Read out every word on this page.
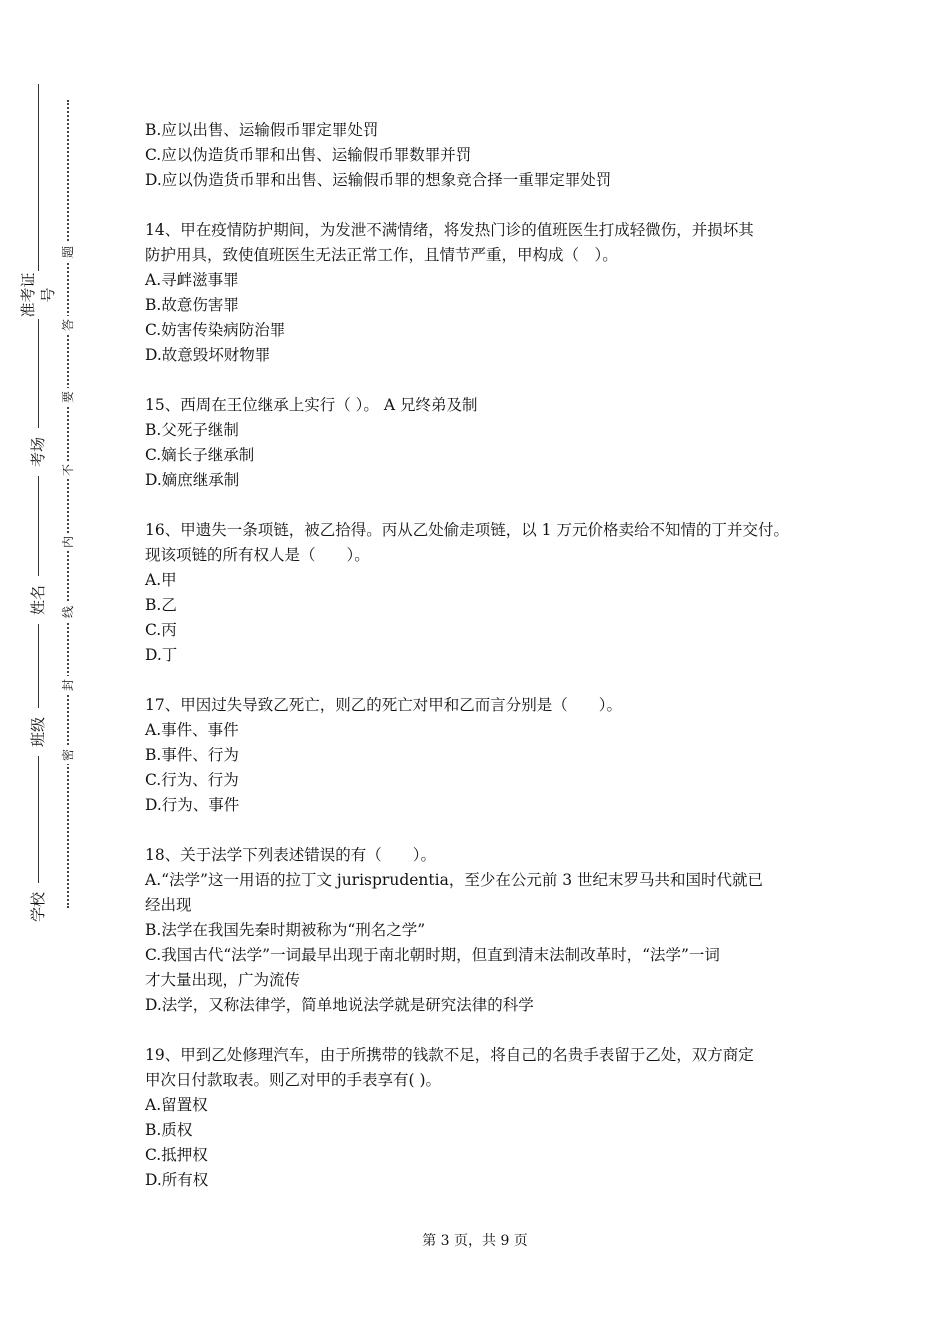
准考证号
考场
姓名
班级
学校
题
答
要
不
内
线
封
密
B.应以出售、运输假币罪定罪处罚
C.应以伪造货币罪和出售、运输假币罪数罪并罚
D.应以伪造货币罪和出售、运输假币罪的想象竞合择一重罪定罪处罚
14、甲在疫情防护期间，为发泄不满情绪，将发热门诊的值班医生打成轻微伤，并损坏其
防护用具，致使值班医生无法正常工作，且情节严重，甲构成（　）。
A.寻衅滋事罪
B.故意伤害罪
C.妨害传染病防治罪
D.故意毁坏财物罪
15、西周在王位继承上实行（ ）。 A 兄终弟及制
B.父死子继制
C.嫡长子继承制
D.嫡庶继承制
16、甲遗失一条项链，被乙拾得。丙从乙处偷走项链，以 1 万元价格卖给不知情的丁并交付。
现该项链的所有权人是（　　）。
A.甲
B.乙
C.丙
D.丁
17、甲因过失导致乙死亡，则乙的死亡对甲和乙而言分别是（　　）。
A.事件、事件
B.事件、行为
C.行为、行为
D.行为、事件
18、关于法学下列表述错误的有（　　）。
A.“法学”这一用语的拉丁文 jurisprudentia，至少在公元前 3 世纪末罗马共和国时代就已
经出现
B.法学在我国先秦时期被称为“刑名之学”
C.我国古代“法学”一词最早出现于南北朝时期，但直到清末法制改革时，“法学”一词
才大量出现，广为流传
D.法学，又称法律学，简单地说法学就是研究法律的科学
19、甲到乙处修理汽车，由于所携带的钱款不足，将自己的名贵手表留于乙处，双方商定
甲次日付款取表。则乙对甲的手表享有( )。
A.留置权
B.质权
C.抵押权
D.所有权
第 3 页，共 9 页
